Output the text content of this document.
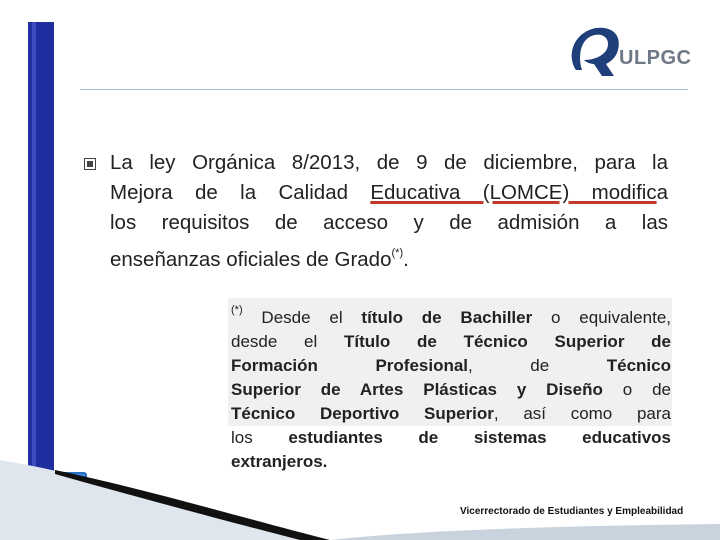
ULPGC
La ley Orgánica 8/2013, de 9 de diciembre, para la
Mejora de la Calidad Educativa (LOMCE) modifica
los requisitos de acceso y de admisión a las
enseñanzas oficiales de Grado(*).
(*) Desde el título de Bachiller o equivalente,
desde el Título de Técnico Superior de
Formación Profesional, de Técnico
Superior de Artes Plásticas y Diseño o de
Técnico Deportivo Superior, así como para
los estudiantes de sistemas educativos
extranjeros.
Vicerrectorado de Estudiantes y Empleabilidad
